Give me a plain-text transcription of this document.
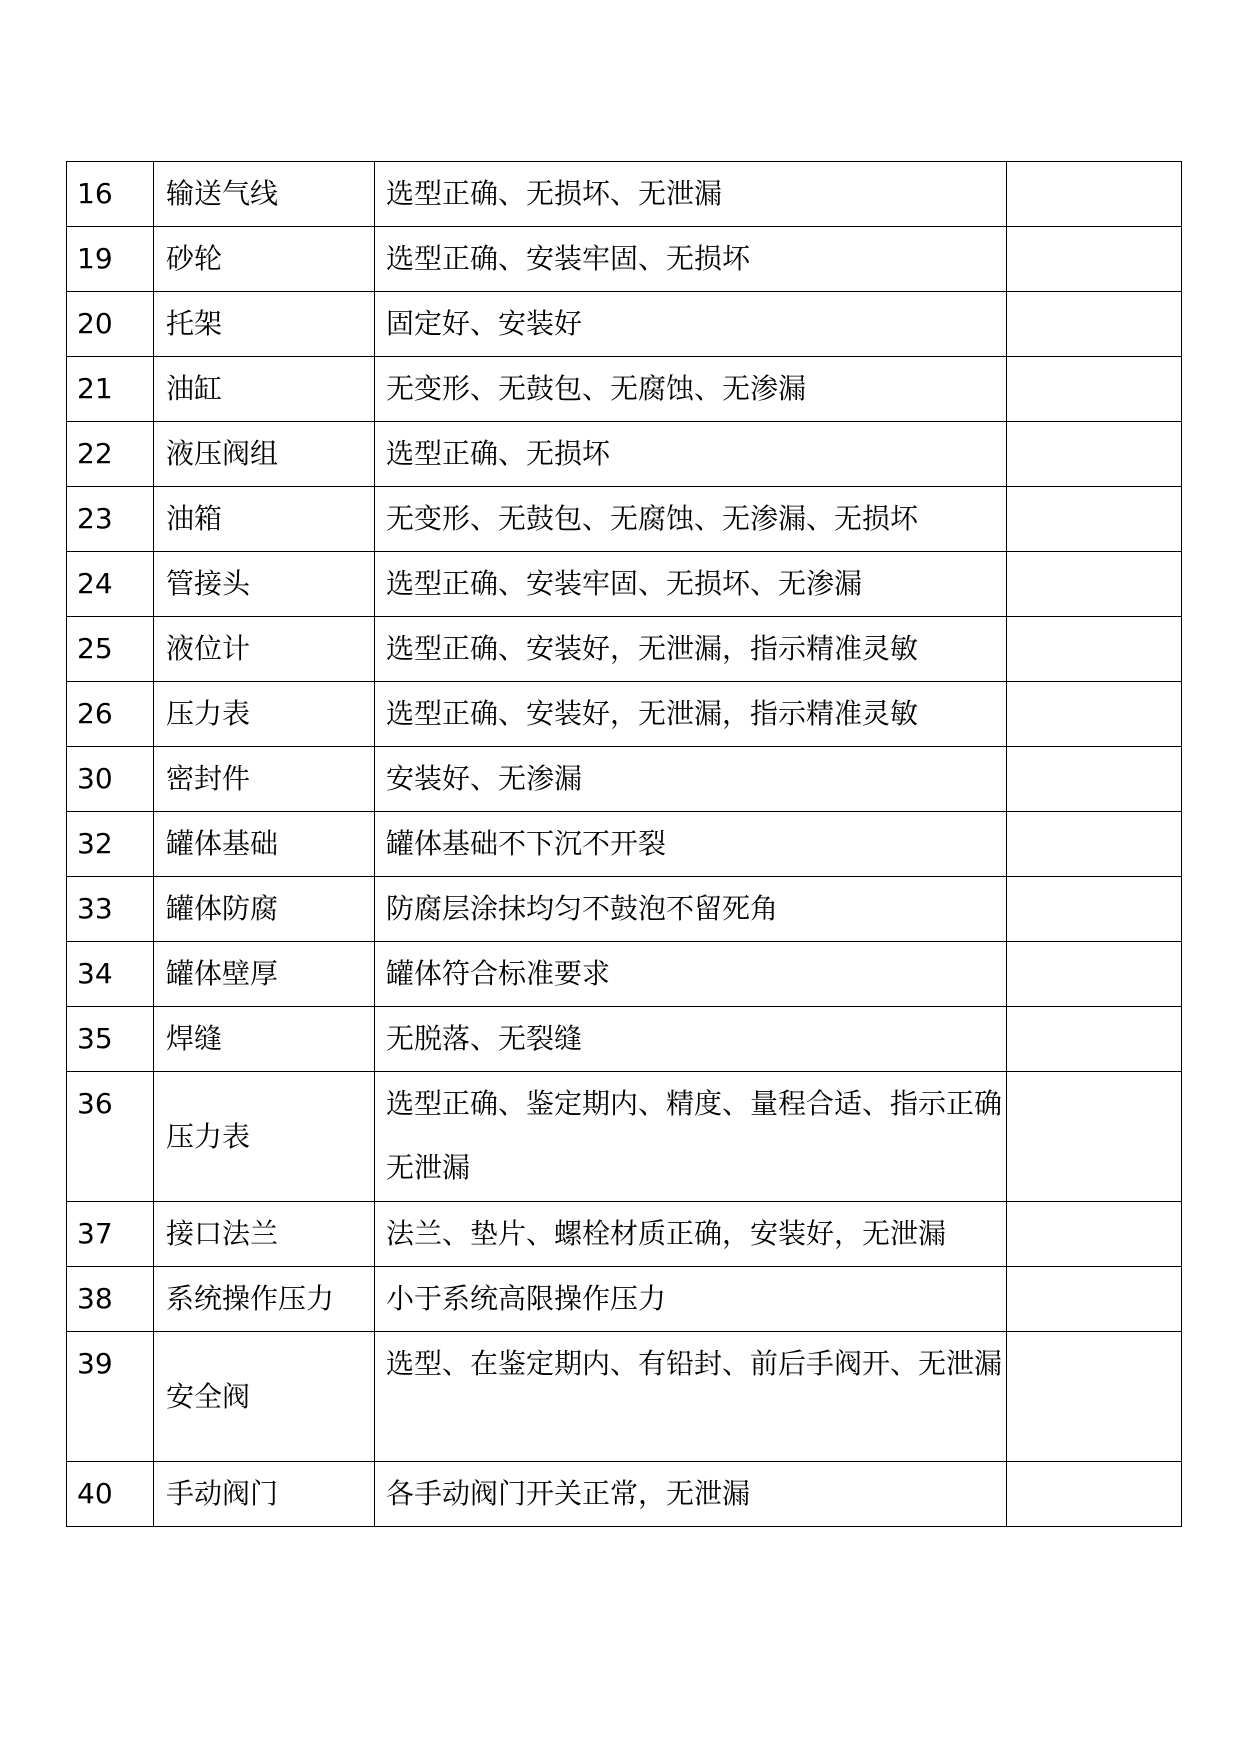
16	输送气线	选型正确、无损坏、无泄漏	
19	砂轮	选型正确、安装牢固、无损坏	
20	托架	固定好、安装好	
21	油缸	无变形、无鼓包、无腐蚀、无渗漏	
22	液压阀组	选型正确、无损坏	
23	油箱	无变形、无鼓包、无腐蚀、无渗漏、无损坏	
24	管接头	选型正确、安装牢固、无损坏、无渗漏	
25	液位计	选型正确、安装好，无泄漏，指示精准灵敏	
26	压力表	选型正确、安装好，无泄漏，指示精准灵敏	
30	密封件	安装好、无渗漏	
32	罐体基础	罐体基础不下沉不开裂	
33	罐体防腐	防腐层涂抹均匀不鼓泡不留死角	
34	罐体壁厚	罐体符合标准要求	
35	焊缝	无脱落、无裂缝	
36	压力表	选型正确、鉴定期内、精度、量程合适、指示正确无泄漏	
37	接口法兰	法兰、垫片、螺栓材质正确，安装好，无泄漏	
38	系统操作压力	小于系统高限操作压力	
39	安全阀	选型、在鉴定期内、有铅封、前后手阀开、无泄漏	
40	手动阀门	各手动阀门开关正常，无泄漏	
